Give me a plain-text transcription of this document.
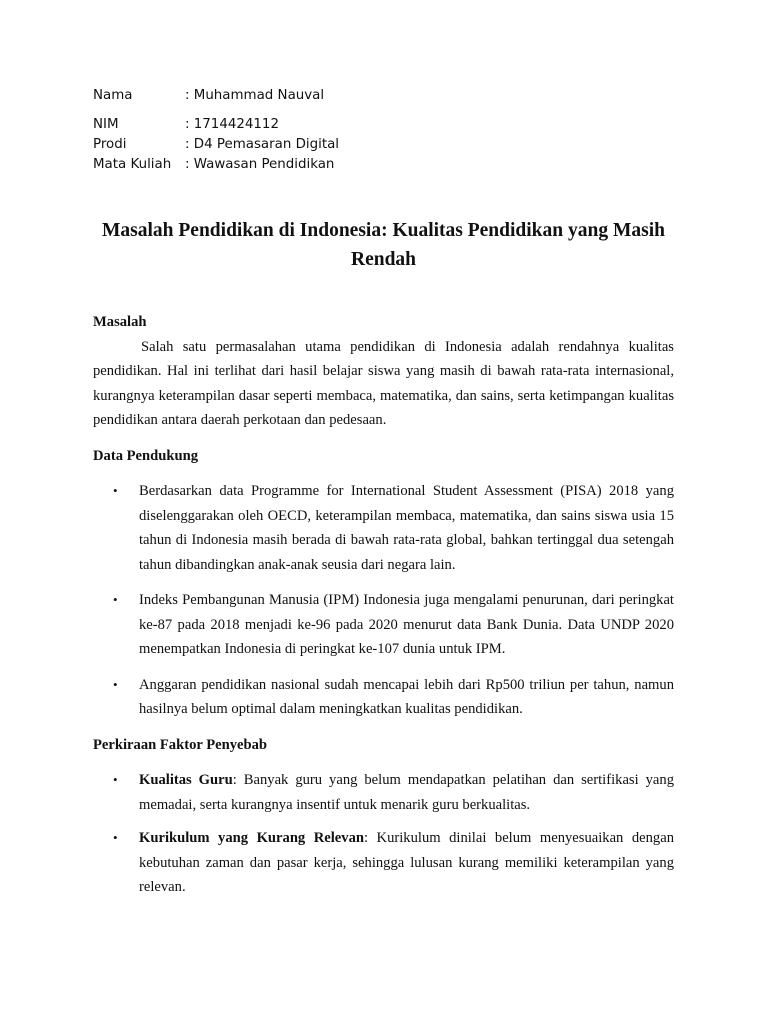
Nama	: Muhammad Nauval
NIM	: 1714424112
Prodi	: D4 Pemasaran Digital
Mata Kuliah	: Wawasan Pendidikan
Masalah Pendidikan di Indonesia: Kualitas Pendidikan yang Masih Rendah

Masalah

Salah satu permasalahan utama pendidikan di Indonesia adalah rendahnya kualitas pendidikan. Hal ini terlihat dari hasil belajar siswa yang masih di bawah rata-rata internasional, kurangnya keterampilan dasar seperti membaca, matematika, dan sains, serta ketimpangan kualitas pendidikan antara daerah perkotaan dan pedesaan.

Data Pendukung

• Berdasarkan data Programme for International Student Assessment (PISA) 2018 yang diselenggarakan oleh OECD, keterampilan membaca, matematika, dan sains siswa usia 15 tahun di Indonesia masih berada di bawah rata-rata global, bahkan tertinggal dua setengah tahun dibandingkan anak-anak seusia dari negara lain.
• Indeks Pembangunan Manusia (IPM) Indonesia juga mengalami penurunan, dari peringkat ke-87 pada 2018 menjadi ke-96 pada 2020 menurut data Bank Dunia. Data UNDP 2020 menempatkan Indonesia di peringkat ke-107 dunia untuk IPM.
• Anggaran pendidikan nasional sudah mencapai lebih dari Rp500 triliun per tahun, namun hasilnya belum optimal dalam meningkatkan kualitas pendidikan.

Perkiraan Faktor Penyebab

• Kualitas Guru: Banyak guru yang belum mendapatkan pelatihan dan sertifikasi yang memadai, serta kurangnya insentif untuk menarik guru berkualitas.
• Kurikulum yang Kurang Relevan: Kurikulum dinilai belum menyesuaikan dengan kebutuhan zaman dan pasar kerja, sehingga lulusan kurang memiliki keterampilan yang relevan.
